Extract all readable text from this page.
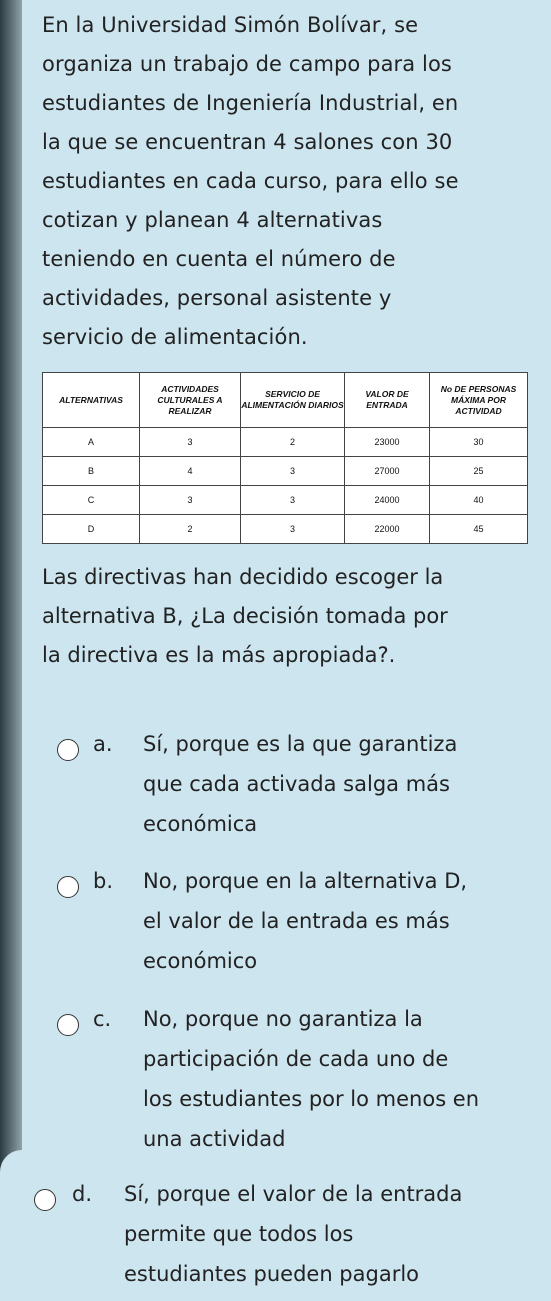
En la Universidad Simón Bolívar, se
organiza un trabajo de campo para los
estudiantes de Ingeniería Industrial, en
la que se encuentran 4 salones con 30
estudiantes en cada curso, para ello se
cotizan y planean 4 alternativas
teniendo en cuenta el número de
actividades, personal asistente y
servicio de alimentación.
ALTERNATIVAS	ACTIVIDADES CULTURALES A REALIZAR	SERVICIO DE ALIMENTACIÓN DIARIOS	VALOR DE ENTRADA	No DE PERSONAS MÁXIMA POR ACTIVIDAD
A	3	2	23000	30
B	4	3	27000	25
C	3	3	24000	40
D	2	3	22000	45
Las directivas han decidido escoger la
alternativa B, ¿La decisión tomada por
la directiva es la más apropiada?.
a. Sí, porque es la que garantiza
que cada activada salga más
económica
b. No, porque en la alternativa D,
el valor de la entrada es más
económico
c. No, porque no garantiza la
participación de cada uno de
los estudiantes por lo menos en
una actividad
d. Sí, porque el valor de la entrada
permite que todos los
estudiantes pueden pagarlo
